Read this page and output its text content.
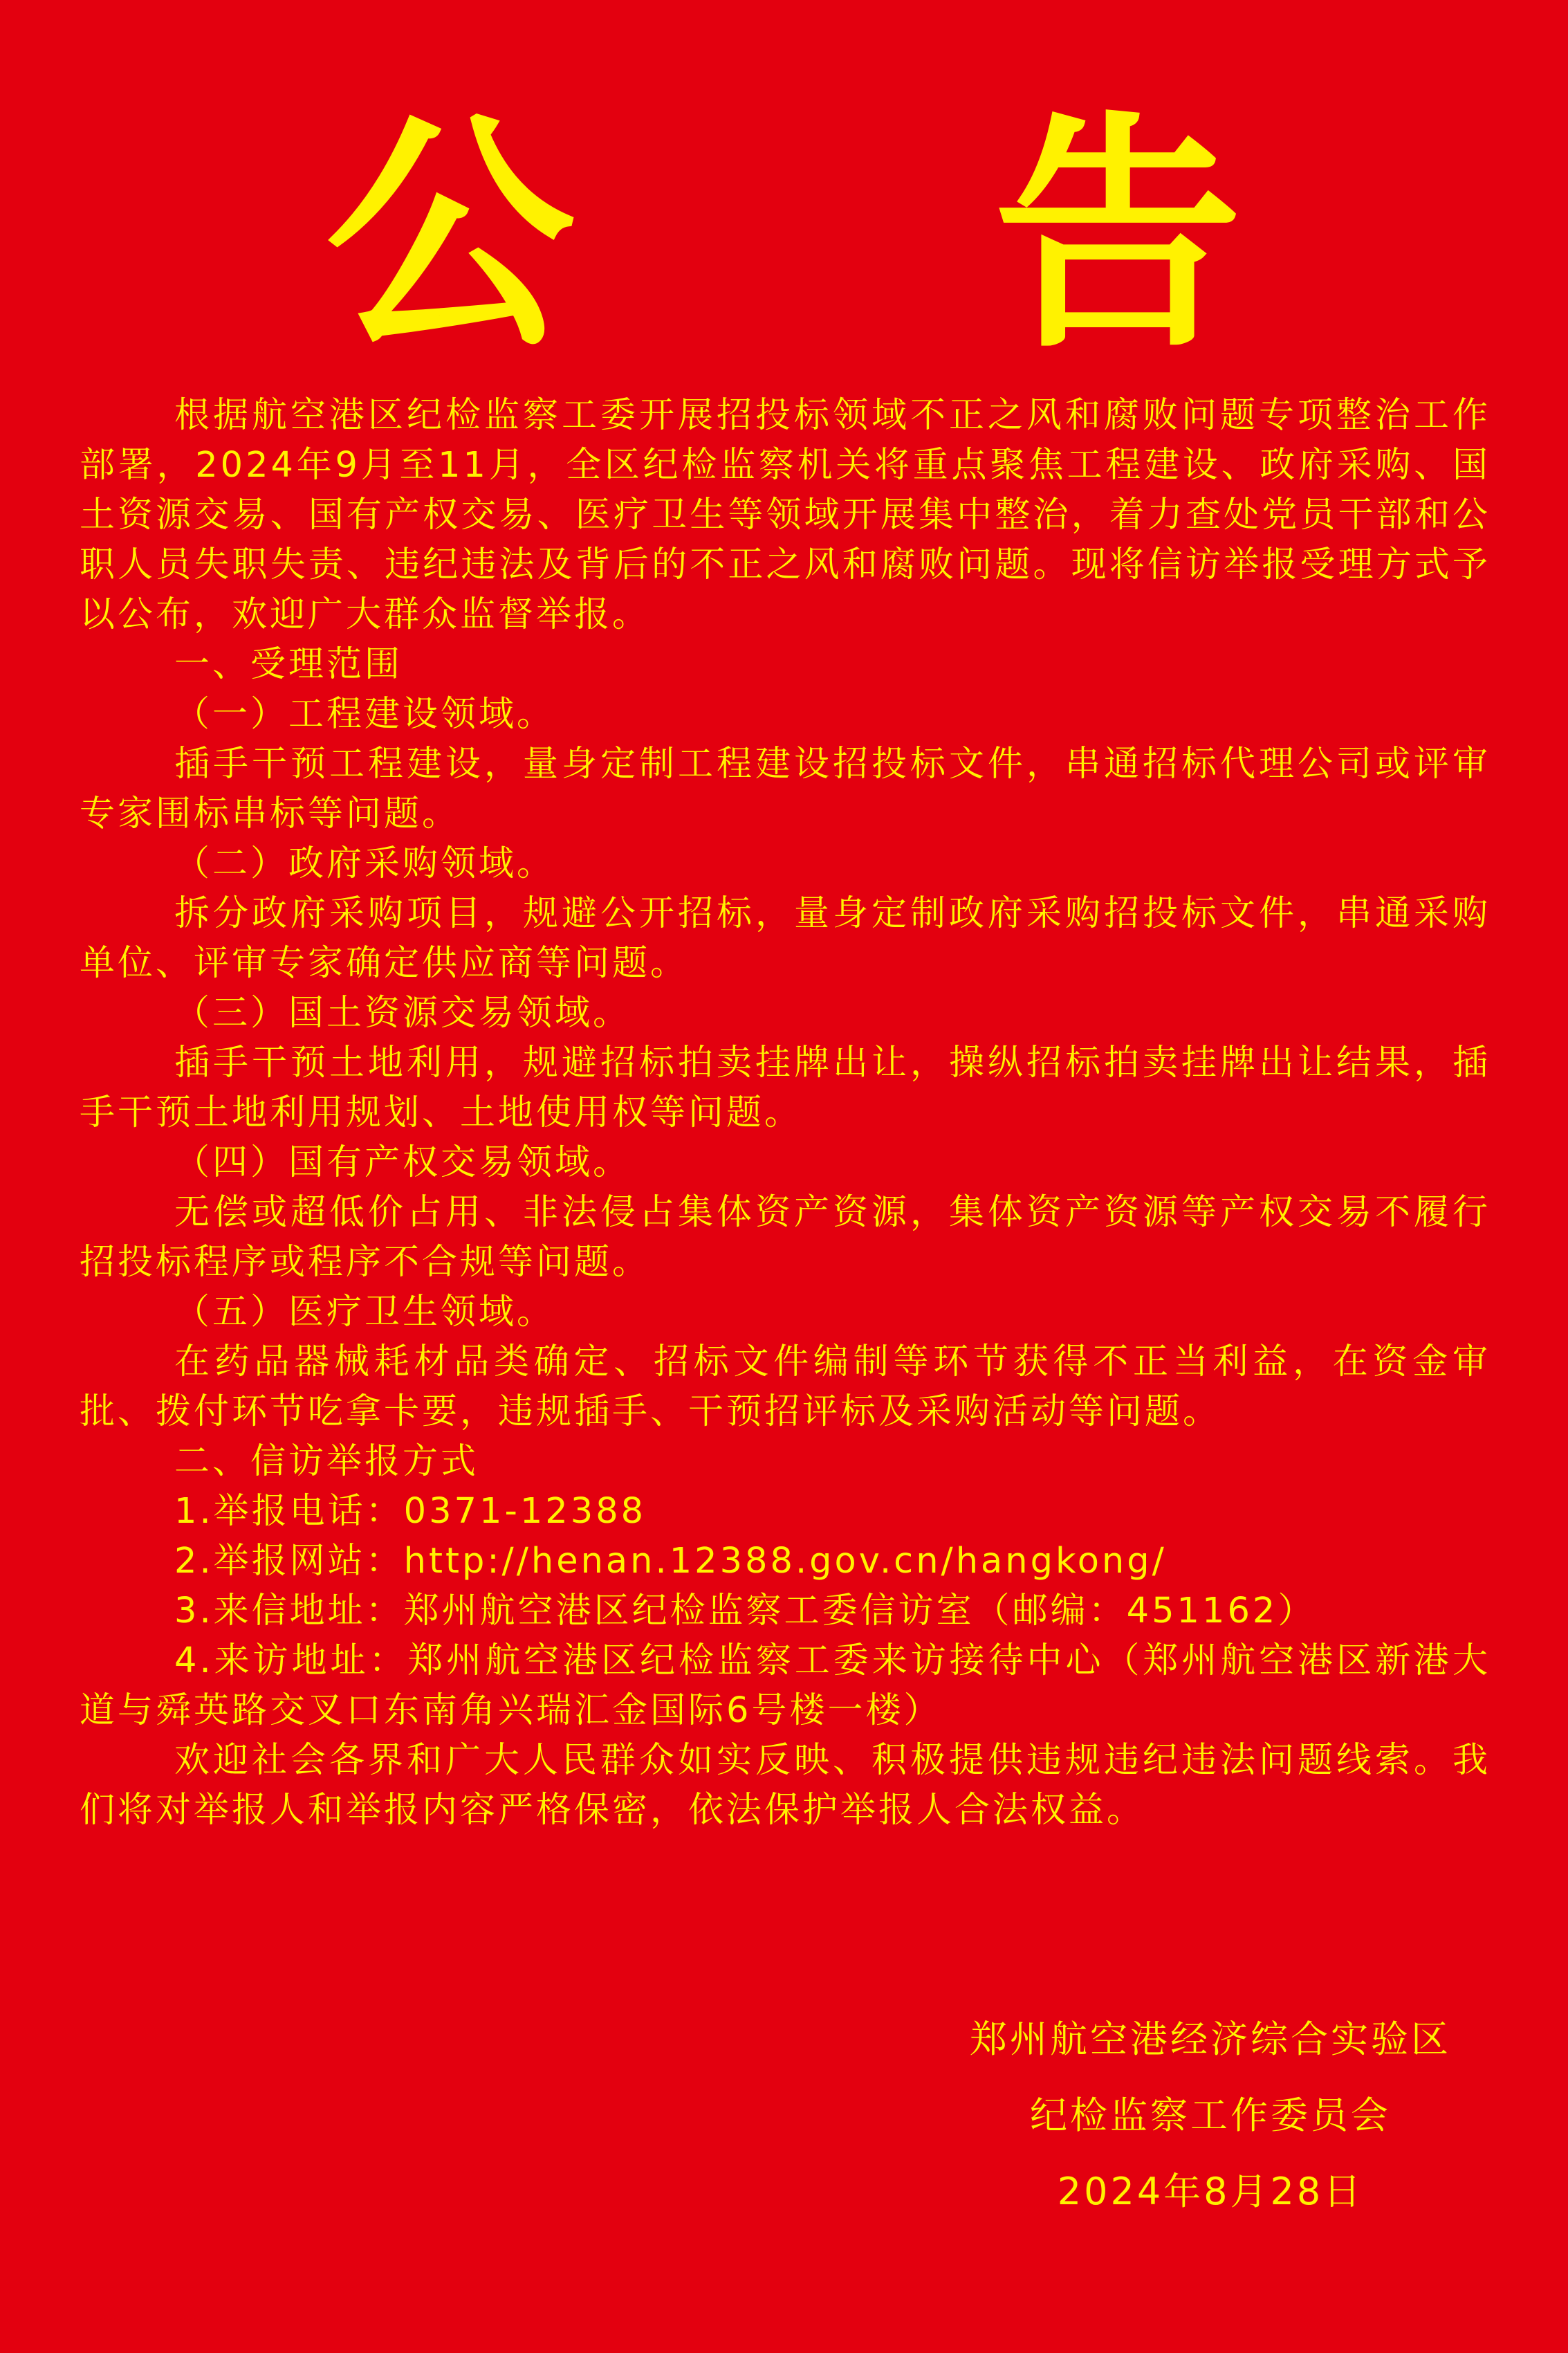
公 告

根据航空港区纪检监察工委开展招投标领域不正之风和腐败问题专项整治工作部署，2024年9月至11月，全区纪检监察机关将重点聚焦工程建设、政府采购、国土资源交易、国有产权交易、医疗卫生等领域开展集中整治，着力查处党员干部和公职人员失职失责、违纪违法及背后的不正之风和腐败问题。现将信访举报受理方式予以公布，欢迎广大群众监督举报。

一、受理范围

（一）工程建设领域。

插手干预工程建设，量身定制工程建设招投标文件，串通招标代理公司或评审专家围标串标等问题。

（二）政府采购领域。

拆分政府采购项目，规避公开招标，量身定制政府采购招投标文件，串通采购单位、评审专家确定供应商等问题。

（三）国土资源交易领域。

插手干预土地利用，规避招标拍卖挂牌出让，操纵招标拍卖挂牌出让结果，插手干预土地利用规划、土地使用权等问题。

（四）国有产权交易领域。

无偿或超低价占用、非法侵占集体资产资源，集体资产资源等产权交易不履行招投标程序或程序不合规等问题。

（五）医疗卫生领域。

在药品器械耗材品类确定、招标文件编制等环节获得不正当利益，在资金审批、拨付环节吃拿卡要，违规插手、干预招评标及采购活动等问题。

二、信访举报方式

1.举报电话：0371-12388

2.举报网站：http://henan.12388.gov.cn/hangkong/

3.来信地址：郑州航空港区纪检监察工委信访室（邮编：451162）

4.来访地址：郑州航空港区纪检监察工委来访接待中心（郑州航空港区新港大道与舜英路交叉口东南角兴瑞汇金国际6号楼一楼）

欢迎社会各界和广大人民群众如实反映、积极提供违规违纪违法问题线索。我们将对举报人和举报内容严格保密，依法保护举报人合法权益。

郑州航空港经济综合实验区
纪检监察工作委员会
2024年8月28日
